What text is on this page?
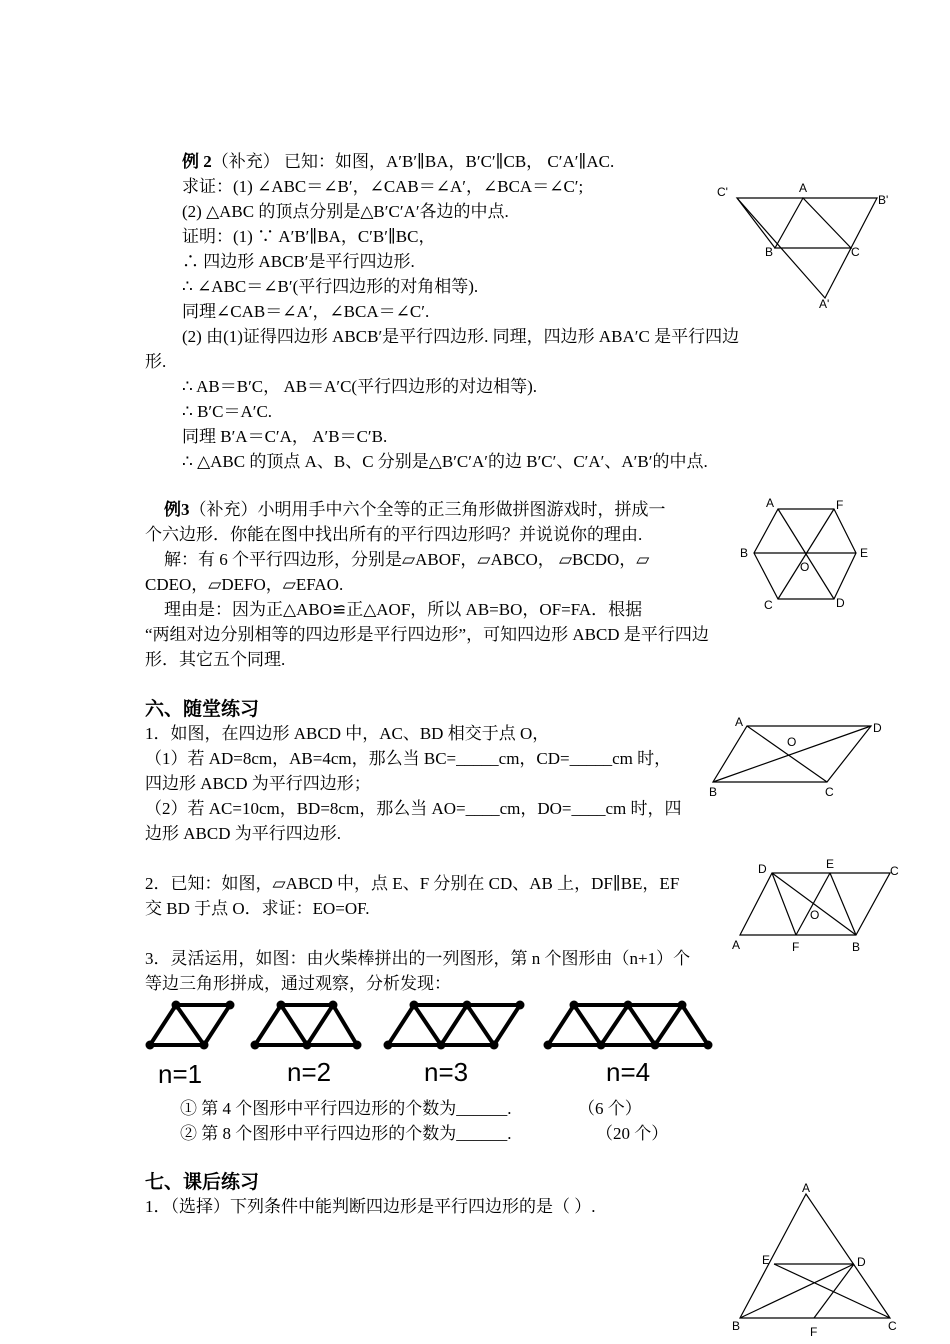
例 2（补充） 已知：如图，A′B′∥BA，B′C′∥CB， C′A′∥AC.
求证：(1) ∠ABC＝∠B′，∠CAB＝∠A′，∠BCA＝∠C′;
(2) △ABC 的顶点分别是△B′C′A′各边的中点.
证明：(1) ∵ A′B′∥BA，C′B′∥BC，
∴ 四边形 ABCB′是平行四边形.
∴ ∠ABC＝∠B′(平行四边形的对角相等).
同理∠CAB＝∠A′，∠BCA＝∠C′.
(2) 由(1)证得四边形 ABCB′是平行四边形. 同理，四边形 ABA′C 是平行四边
形.
∴ AB＝B′C， AB＝A′C(平行四边形的对边相等).
∴ B′C＝A′C.
同理 B′A＝C′A， A′B＝C′B.
∴ △ABC 的顶点 A、B、C 分别是△B′C′A′的边 B′C′、C′A′、A′B′的中点.
C'	A
B'
B	C
A'
例3（补充）小明用手中六个全等的正三角形做拼图游戏时，拼成一
个六边形．你能在图中找出所有的平行四边形吗？并说说你的理由.
解：有 6 个平行四边形，分别是▱ABOF，▱ABCO， ▱BCDO，▱
CDEO，▱DEFO，▱EFAO.
理由是：因为正△ABO≌正△AOF，所以 AB=BO，OF=FA．根据
“两组对边分别相等的四边形是平行四边形”，可知四边形 ABCD 是平行四边
形．其它五个同理.
A	F
B	E
O
C	D
六、随堂练习
1．如图，在四边形 ABCD 中，AC、BD 相交于点 O，
（1）若 AD=8cm，AB=4cm，那么当 BC=_____cm，CD=_____cm 时，
四边形 ABCD 为平行四边形；
（2）若 AC=10cm，BD=8cm，那么当 AO=____cm，DO=____cm 时，四
边形 ABCD 为平行四边形.
A
O
D
B	C
2．已知：如图，▱ABCD 中，点 E、F 分别在 CD、AB 上，DF∥BE，EF
交 BD 于点 O．求证：EO=OF.
D	E	C
O
A	F	B
3．灵活运用，如图：由火柴棒拼出的一列图形，第 n 个图形由（n+1）个
等边三角形拼成，通过观察，分析发现：
n=1	n=2	n=3	n=4
① 第 4 个图形中平行四边形的个数为______.	（6 个）
② 第 8 个图形中平行四边形的个数为______.	（20 个）
七、课后练习
1．（选择）下列条件中能判断四边形是平行四边形的是（ ）.
A
E	D
B	F	C
